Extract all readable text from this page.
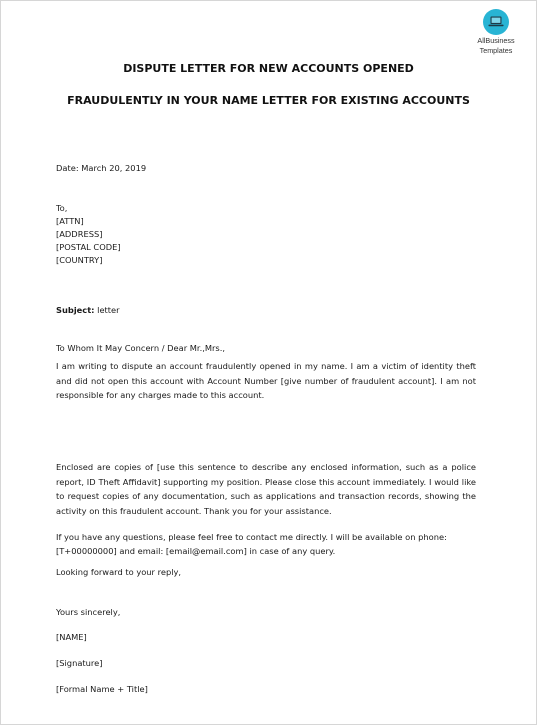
AllBusiness
Templates
DISPUTE LETTER FOR NEW ACCOUNTS OPENED
FRAUDULENTLY IN YOUR NAME LETTER FOR EXISTING ACCOUNTS
Date: March 20, 2019
To,
[ATTN]
[ADDRESS]
[POSTAL CODE]
[COUNTRY]
Subject: letter
To Whom It May Concern / Dear Mr.,Mrs.,
I am writing to dispute an account fraudulently opened in my name. I am a victim of identity theft and did not open this account with Account Number [give number of fraudulent account]. I am not responsible for any charges made to this account.
Enclosed are copies of [use this sentence to describe any enclosed information, such as a police report, ID Theft Affidavit] supporting my position. Please close this account immediately. I would like to request copies of any documentation, such as applications and transaction records, showing the activity on this fraudulent account. Thank you for your assistance.
If you have any questions, please feel free to contact me directly. I will be available on phone:
[T+00000000] and email: [email@email.com] in case of any query.
Looking forward to your reply,
Yours sincerely,
[NAME]
[Signature]
[Formal Name + Title]
